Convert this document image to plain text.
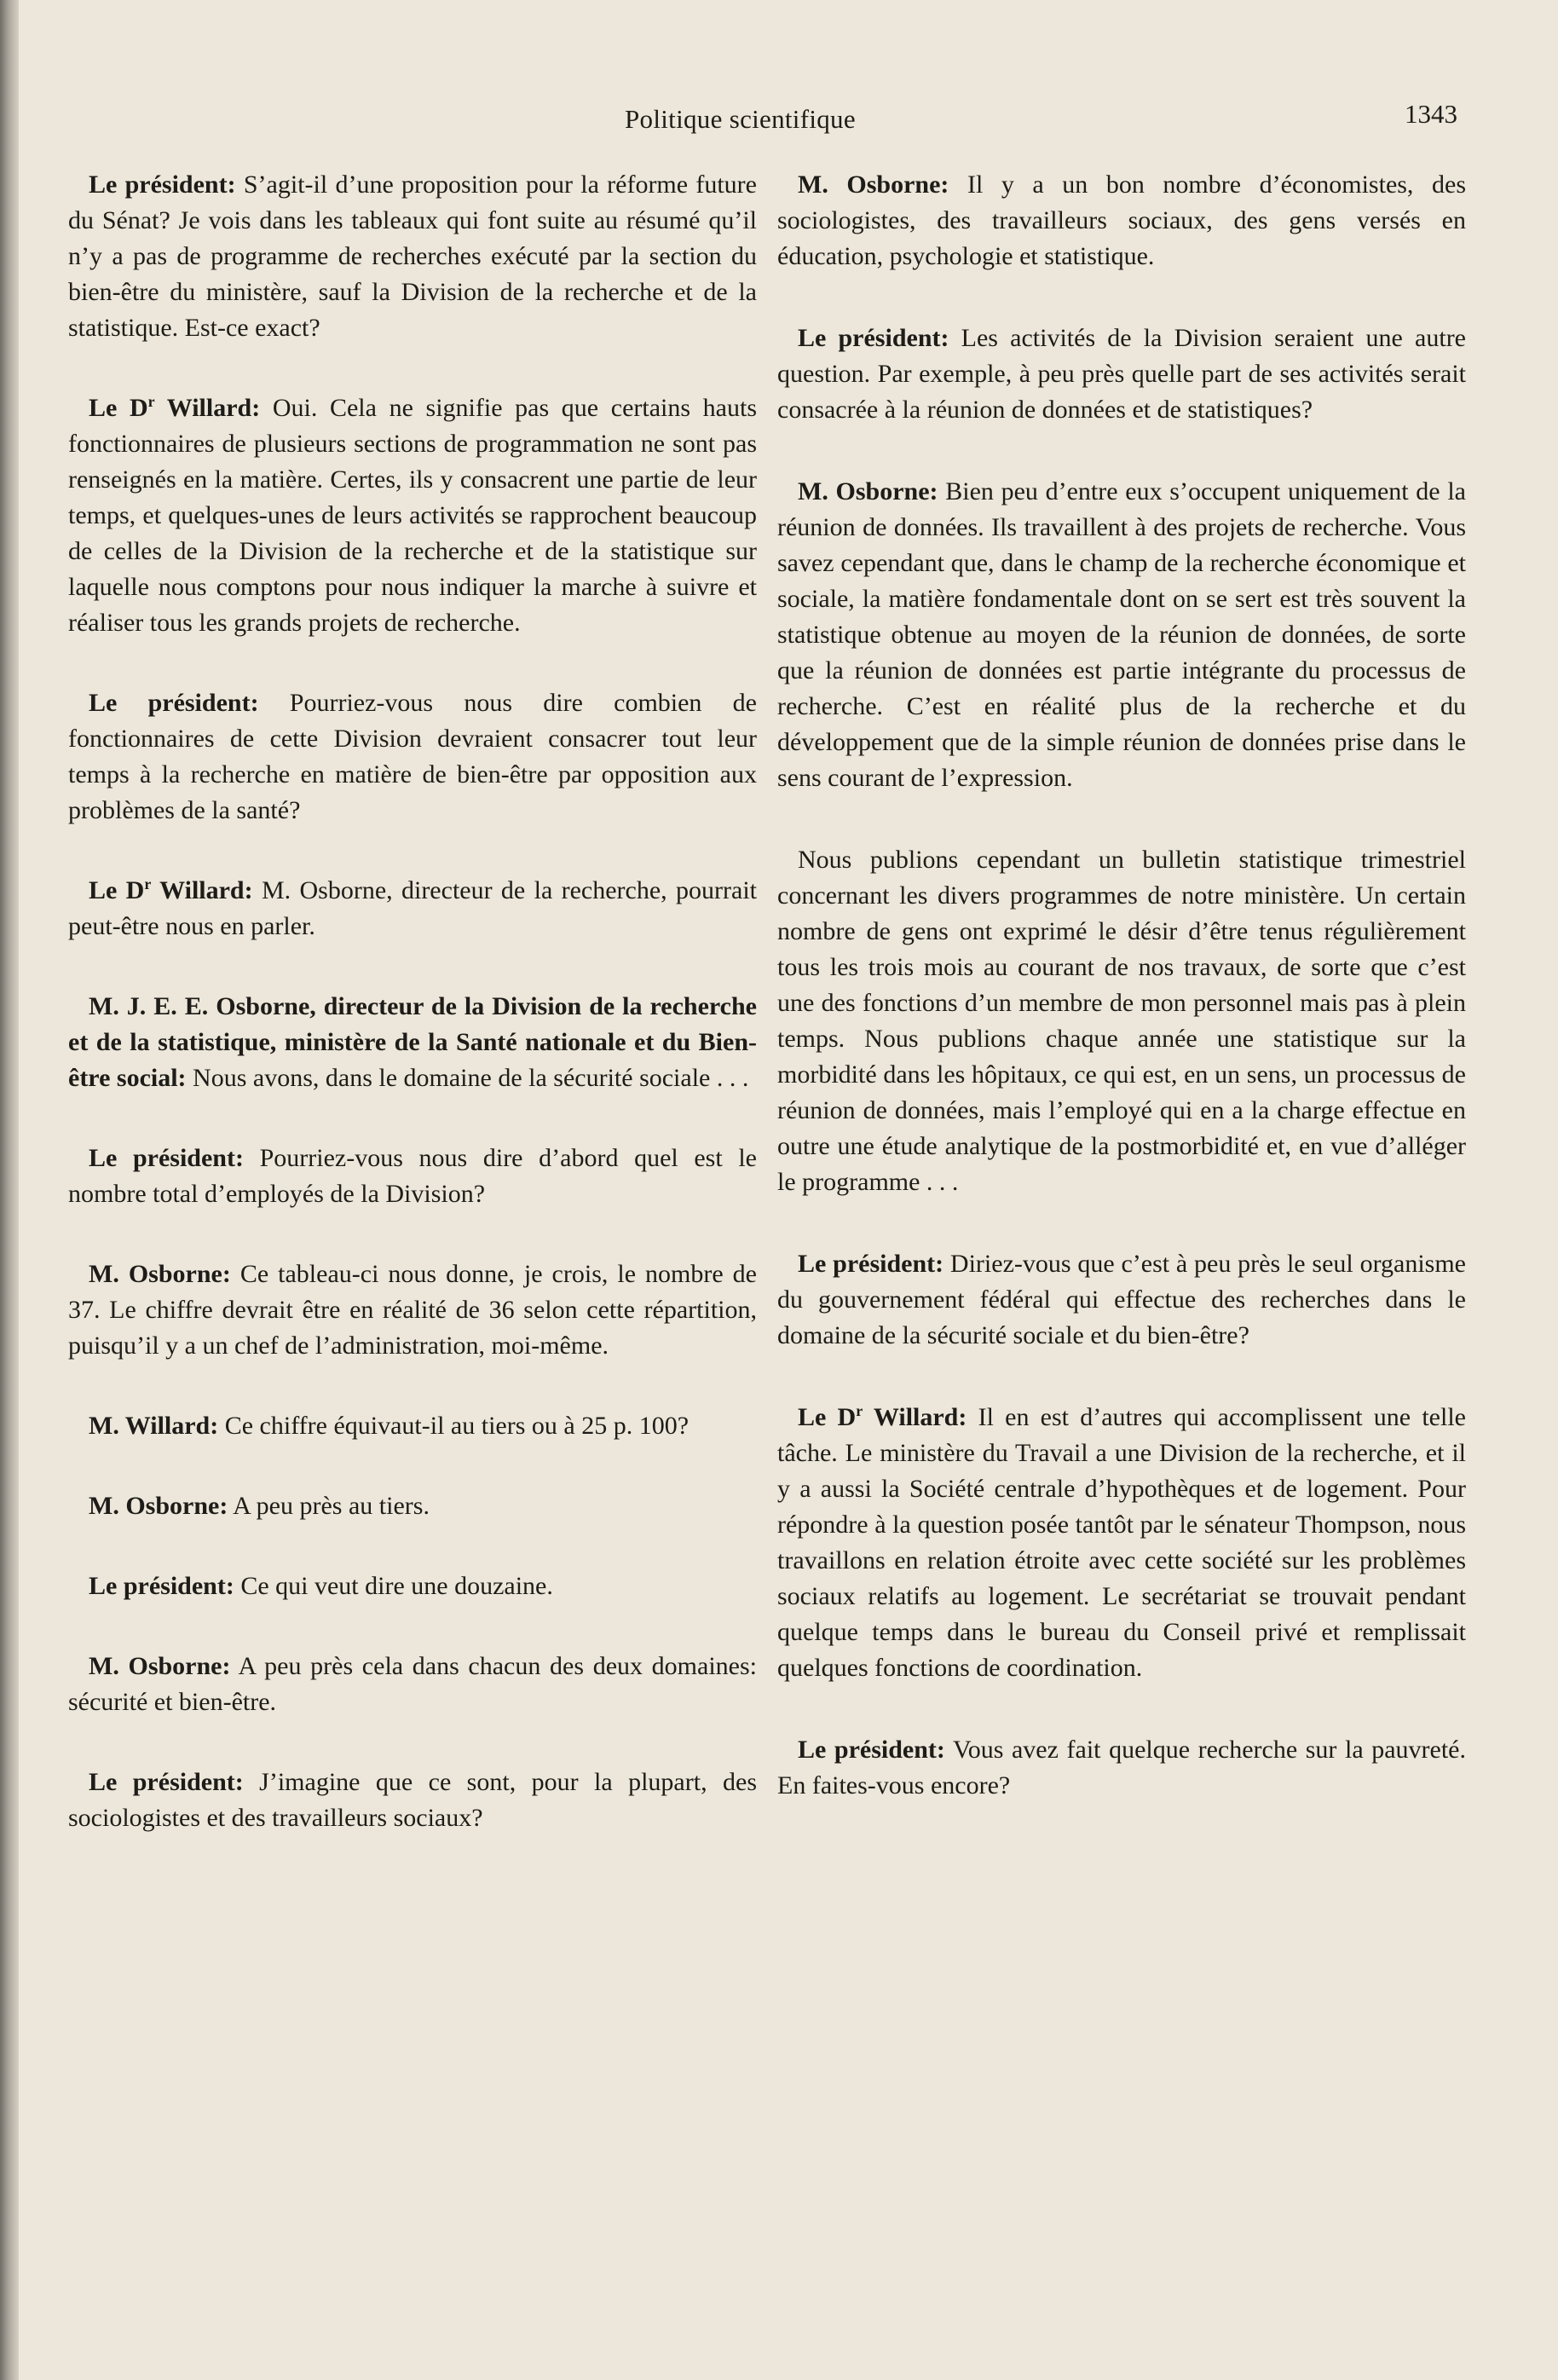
Politique scientifique	1343

Le président: S’agit-il d’une proposition pour la réforme future du Sénat? Je vois dans les tableaux qui font suite au résumé qu’il n’y a pas de programme de recherches exécuté par la section du bien-être du ministère, sauf la Division de la recherche et de la statistique. Est-ce exact?

Le $D^r$ Willard: Oui. Cela ne signifie pas que certains hauts fonctionnaires de plusieurs sections de programmation ne sont pas renseignés en la matière. Certes, ils y consacrent une partie de leur temps, et quelques-unes de leurs activités se rapprochent beaucoup de celles de la Division de la recherche et de la statistique sur laquelle nous comptons pour nous indiquer la marche à suivre et réaliser tous les grands projets de recherche.

Le président: Pourriez-vous nous dire combien de fonctionnaires de cette Division devraient consacrer tout leur temps à la recherche en matière de bien-être par opposition aux problèmes de la santé?

Le $D^r$ Willard: M. Osborne, directeur de la recherche, pourrait peut-être nous en parler.

M. J. E. E. Osborne, directeur de la Division de la recherche et de la statistique, ministère de la Santé nationale et du Bien-être social: Nous avons, dans le domaine de la sécurité sociale . . .

Le président: Pourriez-vous nous dire d’abord quel est le nombre total d’employés de la Division?

M. Osborne: Ce tableau-ci nous donne, je crois, le nombre de 37. Le chiffre devrait être en réalité de 36 selon cette répartition, puisqu’il y a un chef de l’administration, moi-même.

M. Willard: Ce chiffre équivaut-il au tiers ou à 25 p. 100?

M. Osborne: A peu près au tiers.

Le président: Ce qui veut dire une douzaine.

M. Osborne: A peu près cela dans chacun des deux domaines: sécurité et bien-être.

Le président: J’imagine que ce sont, pour la plupart, des sociologistes et des travailleurs sociaux?

M. Osborne: Il y a un bon nombre d’économistes, des sociologistes, des travailleurs sociaux, des gens versés en éducation, psychologie et statistique.

Le président: Les activités de la Division seraient une autre question. Par exemple, à peu près quelle part de ses activités serait consacrée à la réunion de données et de statistiques?

M. Osborne: Bien peu d’entre eux s’occupent uniquement de la réunion de données. Ils travaillent à des projets de recherche. Vous savez cependant que, dans le champ de la recherche économique et sociale, la matière fondamentale dont on se sert est très souvent la statistique obtenue au moyen de la réunion de données, de sorte que la réunion de données est partie intégrante du processus de recherche. C’est en réalité plus de la recherche et du développement que de la simple réunion de données prise dans le sens courant de l’expression.

Nous publions cependant un bulletin statistique trimestriel concernant les divers programmes de notre ministère. Un certain nombre de gens ont exprimé le désir d’être tenus régulièrement tous les trois mois au courant de nos travaux, de sorte que c’est une des fonctions d’un membre de mon personnel mais pas à plein temps. Nous publions chaque année une statistique sur la morbidité dans les hôpitaux, ce qui est, en un sens, un processus de réunion de données, mais l’employé qui en a la charge effectue en outre une étude analytique de la postmorbidité et, en vue d’alléger le programme . . .

Le président: Diriez-vous que c’est à peu près le seul organisme du gouvernement fédéral qui effectue des recherches dans le domaine de la sécurité sociale et du bien-être?

Le $D^r$ Willard: Il en est d’autres qui accomplissent une telle tâche. Le ministère du Travail a une Division de la recherche, et il y a aussi la Société centrale d’hypothèques et de logement. Pour répondre à la question posée tantôt par le sénateur Thompson, nous travaillons en relation étroite avec cette société sur les problèmes sociaux relatifs au logement. Le secrétariat se trouvait pendant quelque temps dans le bureau du Conseil privé et remplissait quelques fonctions de coordination.

Le président: Vous avez fait quelque recherche sur la pauvreté. En faites-vous encore?
